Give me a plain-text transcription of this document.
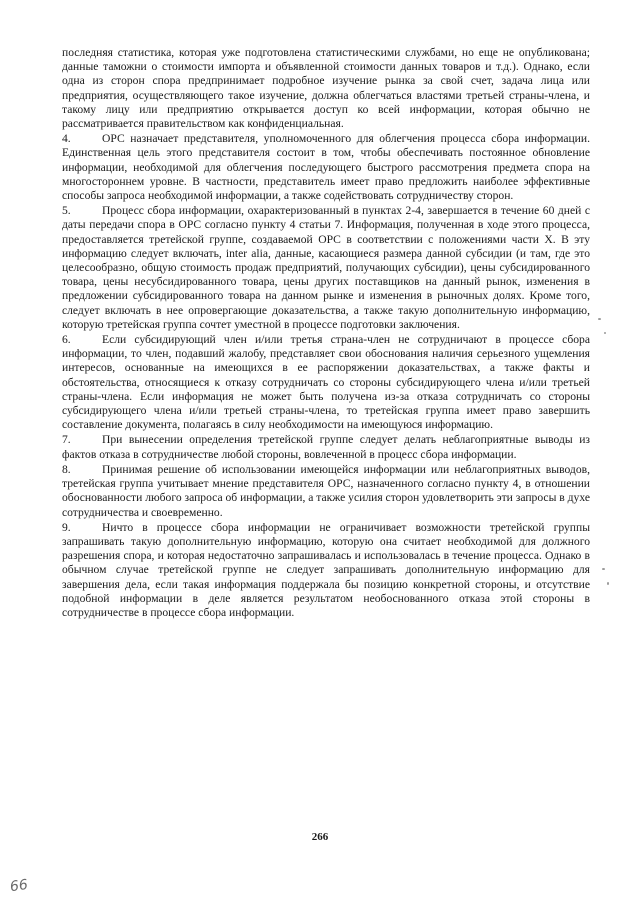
последняя статистика, которая уже подготовлена статистическими службами, но еще не опубликована; данные таможни о стоимости импорта и объявленной стоимости данных товаров и т.д.). Однако, если одна из сторон спора предпринимает подробное изучение рынка за свой счет, задача лица или предприятия, осуществляющего такое изучение, должна облегчаться властями третьей страны-члена, и такому лицу или предприятию открывается доступ ко всей информации, которая обычно не рассматривается правительством как конфиденциальная.

4.	ОРС назначает представителя, уполномоченного для облегчения процесса сбора информации. Единственная цель этого представителя состоит в том, чтобы обеспечивать постоянное обновление информации, необходимой для облегчения последующего быстрого рассмотрения предмета спора на многостороннем уровне. В частности, представитель имеет право предложить наиболее эффективные способы запроса необходимой информации, а также содействовать сотрудничеству сторон.

5.	Процесс сбора информации, охарактеризованный в пунктах 2-4, завершается в течение 60 дней с даты передачи спора в ОРС согласно пункту 4 статьи 7. Информация, полученная в ходе этого процесса, предоставляется третейской группе, создаваемой ОРС в соответствии с положениями части X. В эту информацию следует включать, inter alia, данные, касающиеся размера данной субсидии (и там, где это целесообразно, общую стоимость продаж предприятий, получающих субсидии), цены субсидированного товара, цены несубсидированного товара, цены других поставщиков на данный рынок, изменения в предложении субсидированного товара на данном рынке и изменения в рыночных долях. Кроме того, следует включать в нее опровергающие доказательства, а также такую дополнительную информацию, которую третейская группа сочтет уместной в процессе подготовки заключения.

6.	Если субсидирующий член и/или третья страна-член не сотрудничают в процессе сбора информации, то член, подавший жалобу, представляет свои обоснования наличия серьезного ущемления интересов, основанные на имеющихся в ее распоряжении доказательствах, а также факты и обстоятельства, относящиеся к отказу сотрудничать со стороны субсидирующего члена и/или третьей страны-члена. Если информация не может быть получена из-за отказа сотрудничать со стороны субсидирующего члена и/или третьей страны-члена, то третейская группа имеет право завершить составление документа, полагаясь в силу необходимости на имеющуюся информацию.

7.	При вынесении определения третейской группе следует делать неблагоприятные выводы из фактов отказа в сотрудничестве любой стороны, вовлеченной в процесс сбора информации.

8.	Принимая решение об использовании имеющейся информации или неблагоприятных выводов, третейская группа учитывает мнение представителя ОРС, назначенного согласно пункту 4, в отношении обоснованности любого запроса об информации, а также усилия сторон удовлетворить эти запросы в духе сотрудничества и своевременно.

9.	Ничто в процессе сбора информации не ограничивает возможности третейской группы запрашивать такую дополнительную информацию, которую она считает необходимой для должного разрешения спора, и которая недостаточно запрашивалась и использовалась в течение процесса. Однако в обычном случае третейской группе не следует запрашивать дополнительную информацию для завершения дела, если такая информация поддержала бы позицию конкретной стороны, и отсутствие подобной информации в деле является результатом необоснованного отказа этой стороны в сотрудничестве в процессе сбора информации.

266
66
